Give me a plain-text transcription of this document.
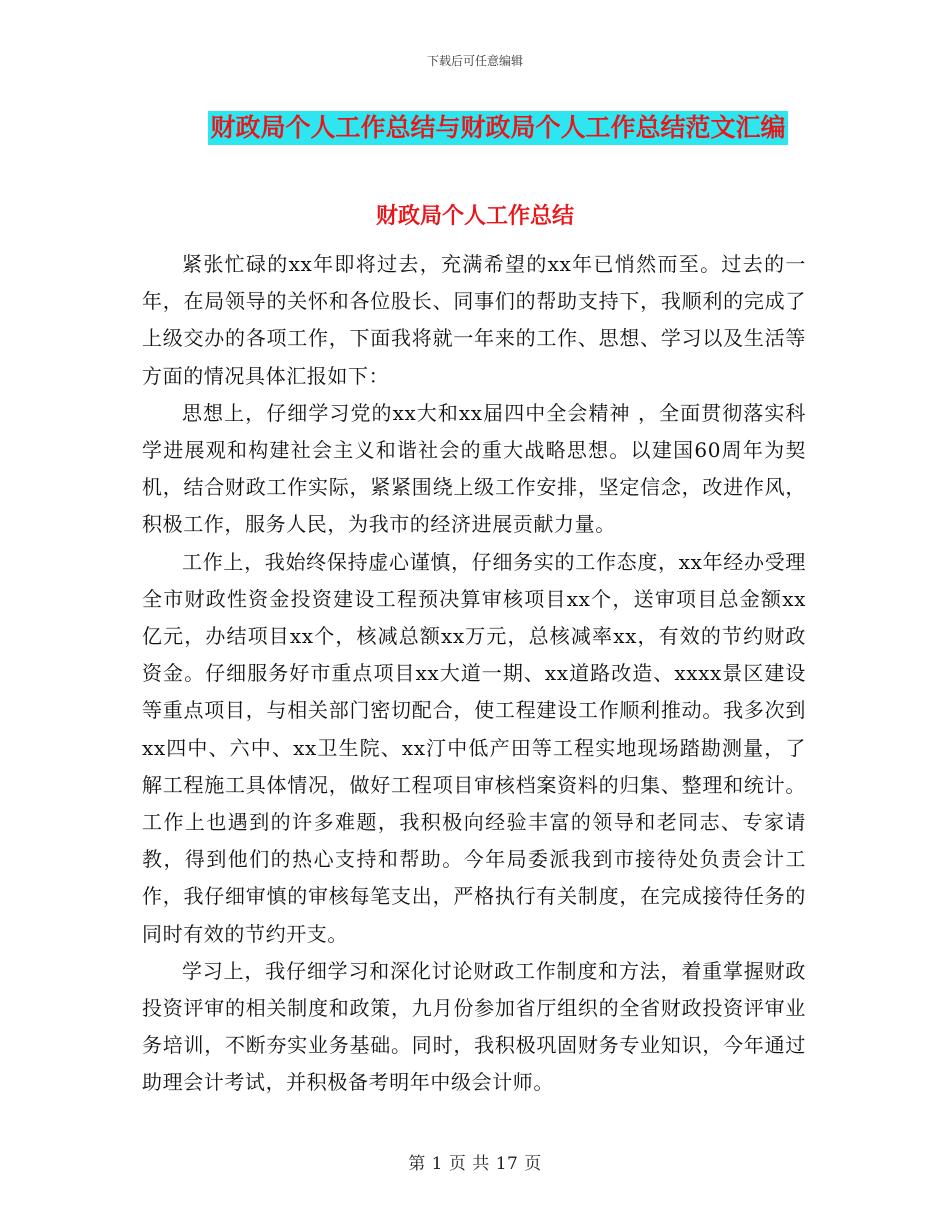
下载后可任意编辑
财政局个人工作总结与财政局个人工作总结范文汇编
财政局个人工作总结

紧张忙碌的xx年即将过去，充满希望的xx年已悄然而至。过去的一年，在局领导的关怀和各位股长、同事们的帮助支持下，我顺利的完成了上级交办的各项工作，下面我将就一年来的工作、思想、学习以及生活等方面的情况具体汇报如下：

思想上，仔细学习党的xx大和xx届四中全会精神 ，全面贯彻落实科学进展观和构建社会主义和谐社会的重大战略思想。以建国60周年为契机，结合财政工作实际，紧紧围绕上级工作安排，坚定信念，改进作风，积极工作，服务人民，为我市的经济进展贡献力量。

工作上，我始终保持虚心谨慎，仔细务实的工作态度，xx年经办受理全市财政性资金投资建设工程预决算审核项目xx个，送审项目总金额xx亿元，办结项目xx个，核减总额xx万元，总核减率xx，有效的节约财政资金。仔细服务好市重点项目xx大道一期、xx道路改造、xxxx景区建设等重点项目，与相关部门密切配合，使工程建设工作顺利推动。我多次到xx四中、六中、xx卫生院、xx汀中低产田等工程实地现场踏勘测量，了解工程施工具体情况，做好工程项目审核档案资料的归集、整理和统计。 工作上也遇到的许多难题，我积极向经验丰富的领导和老同志、专家请教，得到他们的热心支持和帮助。今年局委派我到市接待处负责会计工作，我仔细审慎的审核每笔支出，严格执行有关制度，在完成接待任务的同时有效的节约开支。

学习上，我仔细学习和深化讨论财政工作制度和方法，着重掌握财政投资评审的相关制度和政策，九月份参加省厅组织的全省财政投资评审业务培训，不断夯实业务基础。同时，我积极巩固财务专业知识，今年通过助理会计考试，并积极备考明年中级会计师。

第 1 页 共 17 页
